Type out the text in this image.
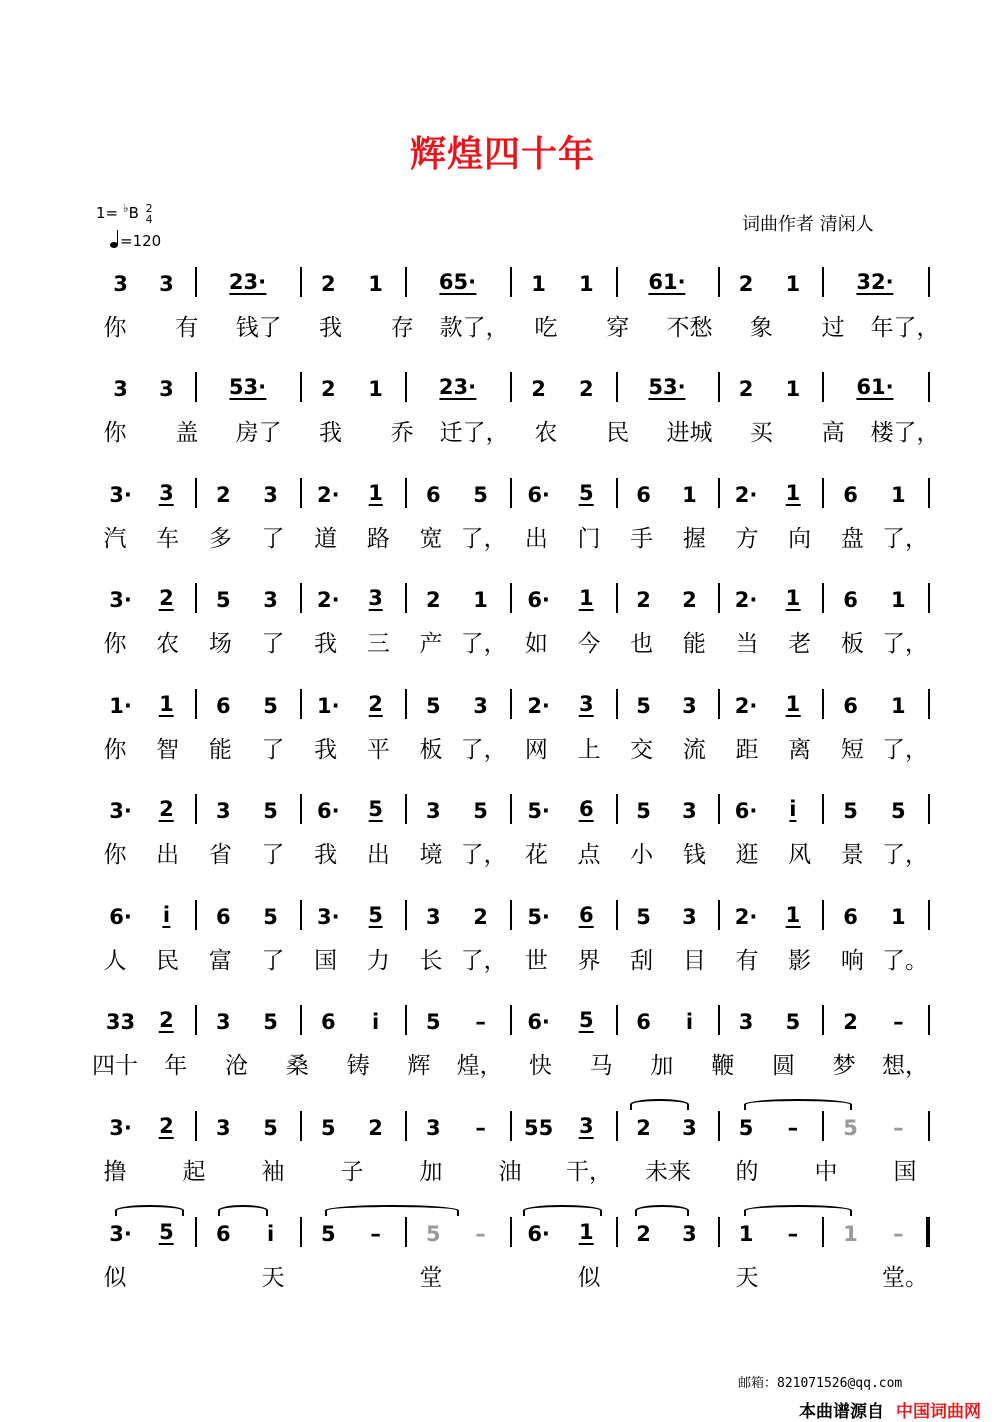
辉煌四十年
1= ♭B 2
4
=120
词曲作者 清闲人
3 3	23·	2 1	65·	1 1	61·	2 1	32·
你 有 钱了 我 存 款了， 吃 穿 不愁 象 过 年了，
3 3	53·	2 1	23·	2 2	53·	2 1	61·
你 盖 房了 我 乔 迁了， 农 民 进城 买 高 楼了，
3· 3 2 3 2· 1 6 5 6· 5 6 1 2· 1 6 1
汽 车 多 了 道 路 宽 了， 出 门 手 握 方 向 盘 了，
3· 2 5 3 2· 3 2 1 6· 1 2 2 2· 1 6 1
你 农 场 了 我 三 产 了， 如 今 也 能 当 老 板 了，
1· 1 6 5 1· 2 5 3 2· 3 5 3 2· 1 6 1
你 智 能 了 我 平 板 了， 网 上 交 流 距 离 短 了，
3· 2 3 5 6· 5 3 5 5· 6 5 3 6· i 5 5
你 出 省 了 我 出 境 了， 花 点 小 钱 逛 风 景 了，
6· i 6 5 3· 5 3 2 5· 6 5 3 2· 1 6 1
人 民 富 了 国 力 长 了， 世 界 刮 目 有 影 响 了。
33 2 3 5 6 i 5 – 6· 5 6 i 3 5 2 –
四十 年 沧 桑 铸 辉 煌， 快 马 加 鞭 圆 梦 想，
3· 2 3 5 5 2 3 – 55 3 2 3 5 – 5 –
撸 起 袖 子 加 油 干， 未来 的 中 国
3· 5 6 i 5 – 5 – 6· 1 2 3 1 – 1 –
似	天	堂	似	天	堂。
邮箱：821071526@qq.com
本曲谱源自 中国词曲网
